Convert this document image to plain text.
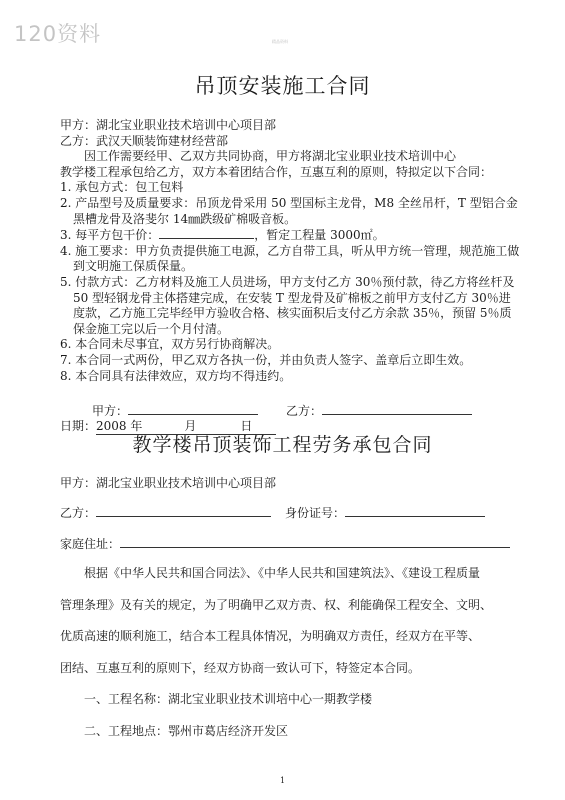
120资料	精品资料
吊顶安装施工合同

甲方：湖北宝业职业技术培训中心项目部

乙方：武汉天顺装饰建材经营部

因工作需要经甲、乙双方共同协商，甲方将湖北宝业职业技术培训中心

教学楼工程承包给乙方，双方本着团结合作，互惠互利的原则，特拟定以下合同：

1. 承包方式：包工包料

2. 产品型号及质量要求：吊顶龙骨采用 50 型国标主龙骨，M8 全丝吊杆，T 型铝合金黑槽龙骨及洛斐尔 14㎜跌级矿棉吸音板。

3. 每平方包干价：	，暂定工程量 3000㎡。

4. 施工要求：甲方负责提供施工电源，乙方自带工具，听从甲方统一管理，规范施工做到文明施工保质保量。

5. 付款方式：乙方材料及施工人员进场，甲方支付乙方 30％预付款，待乙方将丝杆及 50 型轻钢龙骨主体搭建完成，在安装 T 型龙骨及矿棉板之前甲方支付乙方 30％进度款，乙方施工完毕经甲方验收合格、核实面积后支付乙方余款 35％，预留 5％质保金施工完以后一个月付清。

6. 本合同未尽事宜，双方另行协商解决。

7. 本合同一式两份，甲乙双方各执一份，并由负责人签字、盖章后立即生效。

8. 本合同具有法律效应，双方均不得违约。

甲方：	乙方：
日期：2008 年	月	日
教学楼吊顶装饰工程劳务承包合同
甲方：湖北宝业职业技术培训中心项目部
乙方：	身份证号：
家庭住址：

根据《中华人民共和国合同法》、《中华人民共和国建筑法》、《建设工程质量

管理条理》及有关的规定，为了明确甲乙双方责、权、利能确保工程安全、文明、

优质高速的顺利施工，结合本工程具体情况，为明确双方责任，经双方在平等、

团结、互惠互利的原则下，经双方协商一致认可下，特签定本合同。

一、工程名称：湖北宝业职业技术训培中心一期教学楼

二、工程地点：鄂州市葛店经济开发区

1
